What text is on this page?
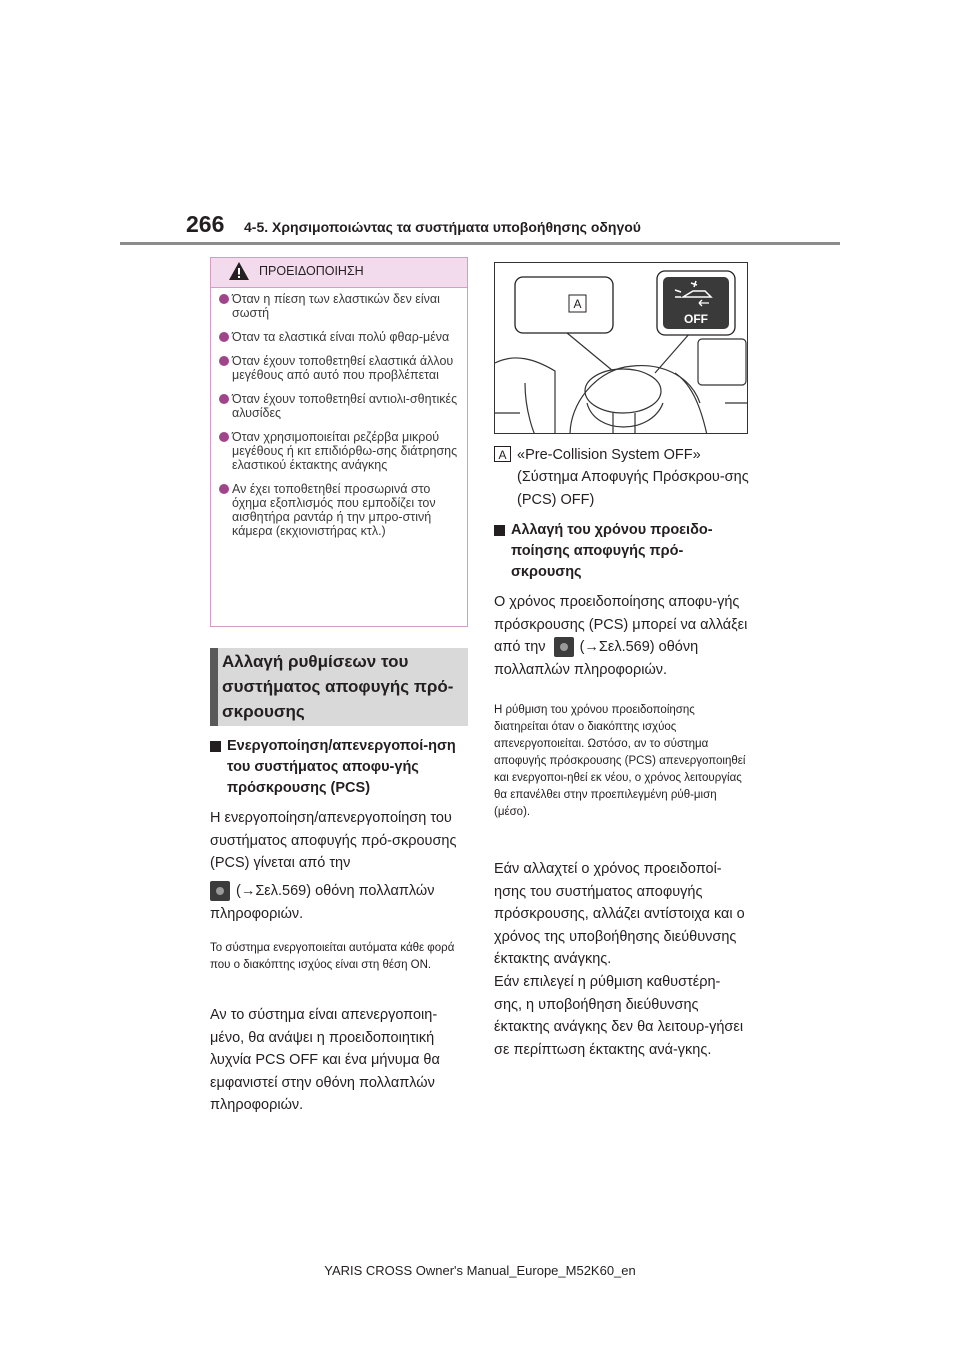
266 4-5. Χρησιμοποιώντας τα συστήματα υποβοήθησης οδηγού
ΠΡΟΕΙΔΟΠΟΙΗΣΗ
Όταν η πίεση των ελαστικών δεν είναι σωστή
Όταν τα ελαστικά είναι πολύ φθαρ-μένα
Όταν έχουν τοποθετηθεί ελαστικά άλλου μεγέθους από αυτό που προβλέπεται
Όταν έχουν τοποθετηθεί αντιολι-σθητικές αλυσίδες
Όταν χρησιμοποιείται ρεζέρβα μικρού μεγέθους ή κιτ επιδιόρθω-σης διάτρησης ελαστικού έκτακτης ανάγκης
Αν έχει τοποθετηθεί προσωρινά στο όχημα εξοπλισμός που εμποδίζει τον αισθητήρα ραντάρ ή την μπρο-στινή κάμερα (εκχιονιστήρας κτλ.)
Αλλαγή ρυθμίσεων του συστήματος αποφυγής πρό-σκρουσης
Ενεργοποίηση/απενεργοποί-ηση του συστήματος αποφυ-γής πρόσκρουσης (PCS)
Η ενεργοποίηση/απενεργοποίηση του συστήματος αποφυγής πρό-σκρουσης (PCS) γίνεται από την
(→Σελ.569) οθόνη πολλαπλών πληροφοριών.
Το σύστημα ενεργοποιείται αυτόματα κάθε φορά που ο διακόπτης ισχύος είναι στη θέση ON.
Αν το σύστημα είναι απενεργοποιη-μένο, θα ανάψει η προειδοποιητική λυχνία PCS OFF και ένα μήνυμα θα εμφανιστεί στην οθόνη πολλαπλών πληροφοριών.
A
OFF
A «Pre-Collision System OFF»
(Σύστημα Αποφυγής Πρόσκρου-σης (PCS) OFF)
Αλλαγή του χρόνου προειδο-ποίησης αποφυγής πρό-σκρουσης
Ο χρόνος προειδοποίησης αποφυ-γής πρόσκρουσης (PCS) μπορεί να αλλάξει από την (→Σελ.569) οθόνη πολλαπλών πληροφοριών.
Η ρύθμιση του χρόνου προειδοποίησης διατηρείται όταν ο διακόπτης ισχύος απενεργοποιείται. Ωστόσο, αν το σύστημα αποφυγής πρόσκρουσης (PCS) απενεργοποιηθεί και ενεργοποι-ηθεί εκ νέου, ο χρόνος λειτουργίας θα επανέλθει στην προεπιλεγμένη ρύθ-μιση (μέσο).
Εάν αλλαχτεί ο χρόνος προειδοποί-ησης του συστήματος αποφυγής πρόσκρουσης, αλλάζει αντίστοιχα και ο χρόνος της υποβοήθησης διεύθυνσης έκτακτης ανάγκης.
Εάν επιλεγεί η ρύθμιση καθυστέρη-σης, η υποβοήθηση διεύθυνσης έκτακτης ανάγκης δεν θα λειτουρ-γήσει σε περίπτωση έκτακτης ανά-γκης.
YARIS CROSS Owner's Manual_Europe_M52K60_en
